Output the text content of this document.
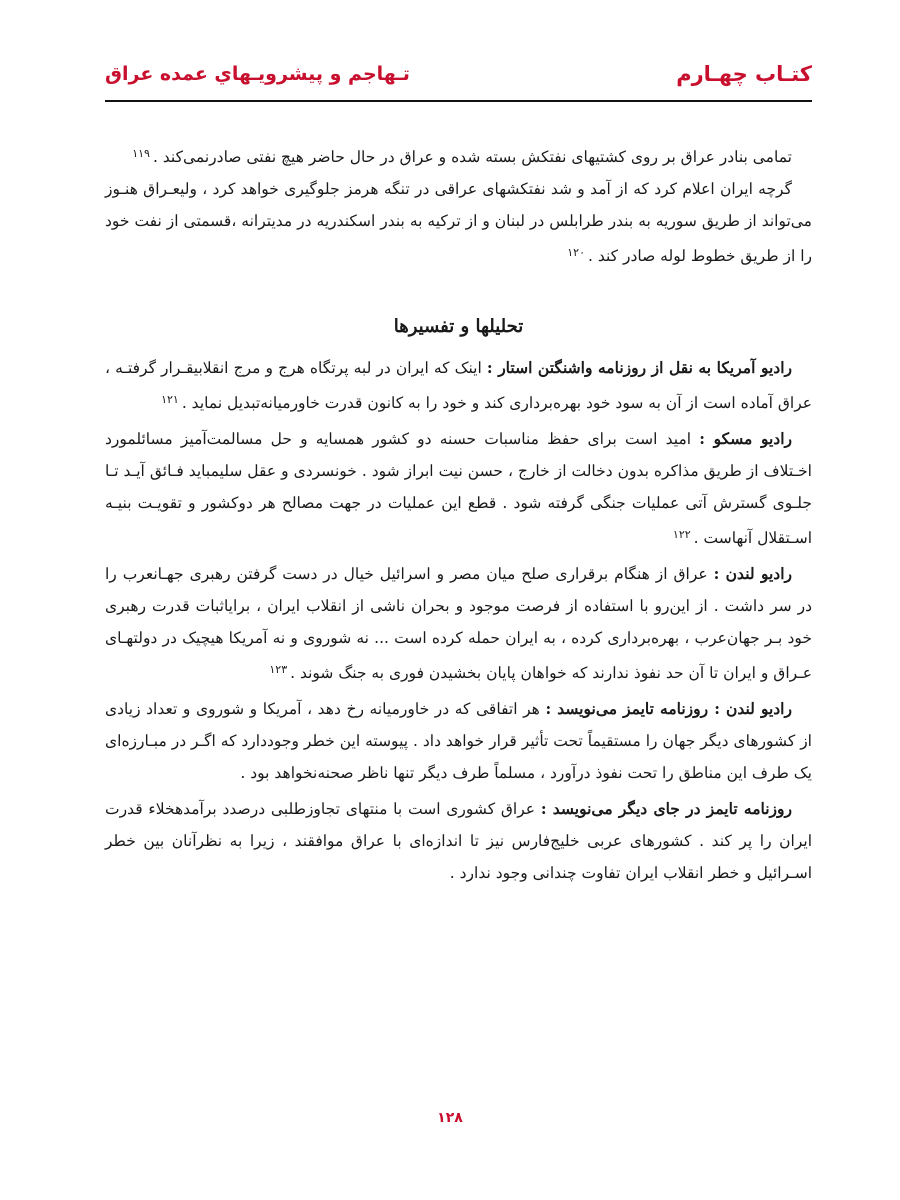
كتـاب چهـارم
تـهاجم و پيشرويـهاي عمده عراق

تمامی بنادر عراق بر روی کشتیهای نفتکش بسته شده و عراق در حال حاضر هیچ نفتی صادرنمی‌کند .$^{۱۱۹}$

گرچه ایران اعلام کرد که از آمد و شد نفتکشهای عراقی در تنگه هرمز جلوگیری خواهد کرد ، ولیعـراق هنـوز می‌تواند از طریق سوریه به بندر طرابلس در لبنان و از ترکیه به بندر اسکندریه در مدیترانه ،قسمتی از نفت خود را از طریق خطوط لوله صادر کند .$^{۱۲۰}$

تحلیلها و تفسیرها

رادیو آمریکا به نقل از روزنامه واشنگتن استار : اینک که ایران در لبه پرتگاه هرج و مرج انقلابیقـرار گرفتـه ، عراق آماده است از آن به سود خود بهره‌برداری کند و خود را به کانون قدرت خاورمیانه‌تبدیل نماید .$^{۱۲۱}$

رادیو مسکو : امید است برای حفظ مناسبات حسنه دو کشور همسایه و حل مسالمت‌آمیز مسائلمورد اخـتلاف از طریق مذاکره بدون دخالت از خارج ، حسن نیت ابراز شود . خونسردی و عقل سلیمباید فـائق آیـد تـا جلـوی گسترش آتی عملیات جنگی گرفته شود . قطع این عملیات در جهت مصالح هر دوکشور و تقویـت بنیـه اسـتقلال آنهاست .$^{۱۲۲}$

رادیو لندن : عراق از هنگام برقراری صلح میان مصر و اسرائیل خیال در دست گرفتن رهبری جهـانعرب را در سر داشت . از این‌رو با استفاده از فرصت موجود و بحران ناشی از انقلاب ایران ، برایاثبات قدرت رهبری خود بـر جهان‌عرب ، بهره‌برداری کرده ، به ایران حمله کرده است ... نه شوروی و نه آمریکا هیچیک در دولتهـای عـراق و ایران تا آن حد نفوذ ندارند که خواهان پایان بخشیدن فوری به جنگ شوند .$^{۱۲۳}$

رادیو لندن : روزنامه تایمز می‌نویسد : هر اتفاقی که در خاورمیانه رخ دهد ، آمریکا و شوروی و تعداد زیادی از کشورهای دیگر جهان را مستقیماً تحت تأثیر قرار خواهد داد . پیوسته این خطر وجوددارد که اگـر در مبـارزه‌ای یک طرف این مناطق را تحت نفوذ درآورد ، مسلماً طرف دیگر تنها ناظر صحنه‌نخواهد بود .

روزنامه تایمز در جای دیگر می‌نویسد : عراق کشوری است با منتهای تجاوزطلبی درصدد برآمدهخلاء قدرت ایران را پر کند . کشورهای عربی خلیج‌فارس نیز تا اندازه‌ای با عراق موافقند ، زیرا به نظرآنان بین خطر اسـرائیل و خطر انقلاب ایران تفاوت چندانی وجود ندارد .

۱۲۸
